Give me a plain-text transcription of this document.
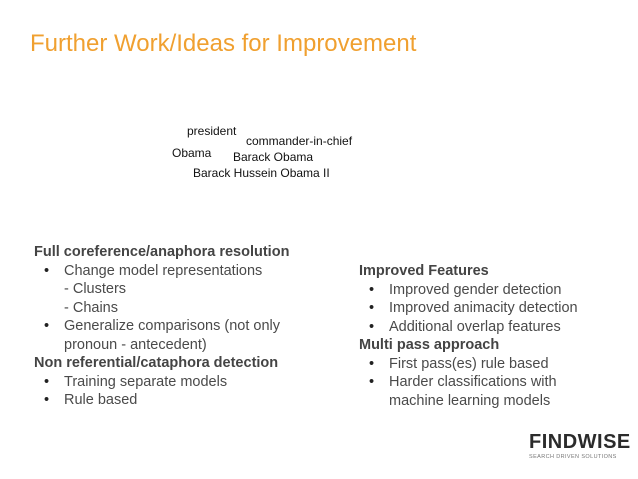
Further Work/Ideas for Improvement
president
commander-in-chief
Obama Barack Obama
Barack Hussein Obama II
Full coreference/anaphora resolution
• Change model representations
- Clusters
- Chains
• Generalize comparisons (not only
pronoun - antecedent)
Non referential/cataphora detection
• Training separate models
• Rule based
Improved Features
• Improved gender detection
• Improved animacity detection
• Additional overlap features
Multi pass approach
• First pass(es) rule based
• Harder classifications with
machine learning models
FINDWISE
SEARCH DRIVEN SOLUTIONS
